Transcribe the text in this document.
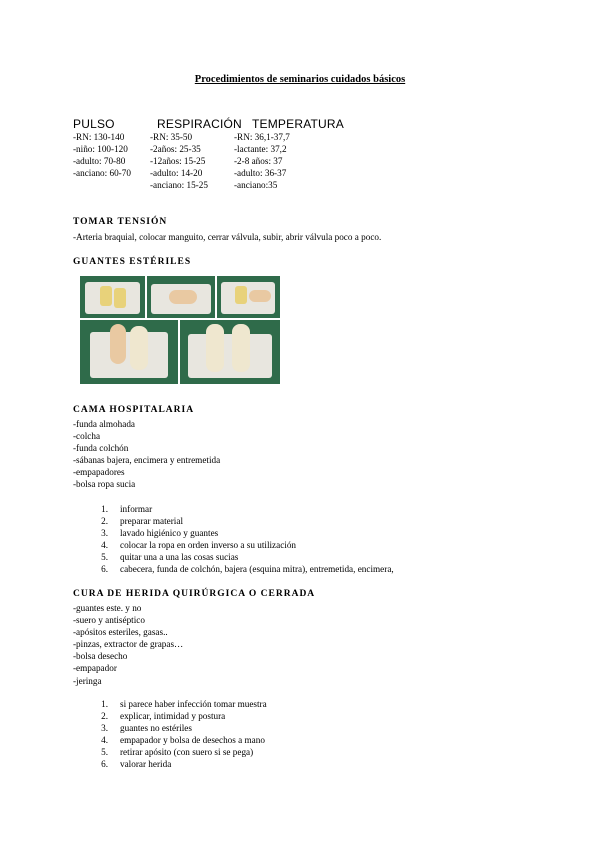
Procedimientos de seminarios cuidados básicos
PULSO	RESPIRACIÓN TEMPERATURA
-RN: 130-140
-niño: 100-120
-adulto: 70-80
-anciano: 60-70
-RN: 35-50
-2años: 25-35
-12años: 15-25
-adulto: 14-20
-anciano: 15-25
-RN: 36,1-37,7
-lactante: 37,2
-2-8 años: 37
-adulto: 36-37
-anciano:35
TOMAR TENSIÓN
-Arteria braquial, colocar manguito, cerrar válvula, subir, abrir válvula poco a poco.
GUANTES ESTÉRILES
CAMA HOSPITALARIA
-funda almohada
-colcha
-funda colchón
-sábanas bajera, encimera y entremetida
-empapadores
-bolsa ropa sucia
1. informar
2. preparar material
3. lavado higiénico y guantes
4. colocar la ropa en orden inverso a su utilización
5. quitar una a una las cosas sucias
6. cabecera, funda de colchón, bajera (esquina mitra), entremetida, encimera,
CURA DE HERIDA QUIRÚRGICA O CERRADA
-guantes este. y no
-suero y antiséptico
-apósitos esteriles, gasas..
-pinzas, extractor de grapas…
-bolsa desecho
-empapador
-jeringa
1. si parece haber infección tomar muestra
2. explicar, intimidad y postura
3. guantes no estériles
4. empapador y bolsa de desechos a mano
5. retirar apósito (con suero si se pega)
6. valorar herida
